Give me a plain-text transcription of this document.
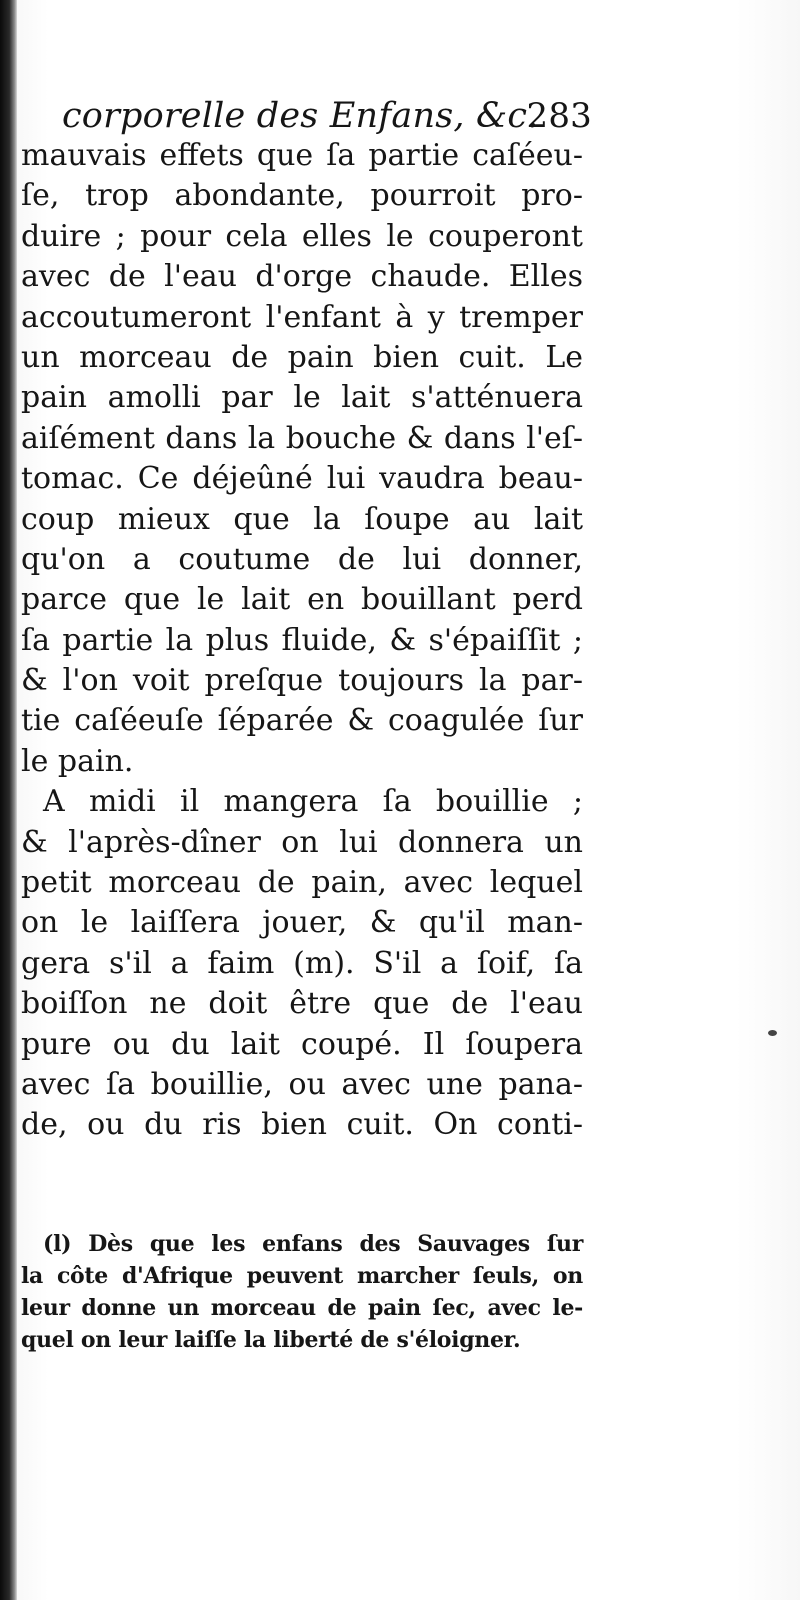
corporelle des Enfans, &c.
283
mauvais effets que ſa partie caſéeu-
ſe, trop abondante, pourroit pro-
duire ; pour cela elles le couperont
avec de l'eau d'orge chaude. Elles
accoutumeront l'enfant à y tremper
un morceau de pain bien cuit. Le
pain amolli par le lait s'atténuera
aiſément dans la bouche & dans l'eſ-
tomac. Ce déjeûné lui vaudra beau-
coup mieux que la ſoupe au lait
qu'on a coutume de lui donner,
parce que le lait en bouillant perd
ſa partie la plus fluide, & s'épaiſſit ;
& l'on voit preſque toujours la par-
tie caſéeuſe ſéparée & coagulée ſur
le pain.
A midi il mangera ſa bouillie ;
& l'après-dîner on lui donnera un
petit morceau de pain, avec lequel
on le laiſſera jouer, & qu'il man-
gera s'il a faim (m). S'il a ſoif, ſa
boiſſon ne doit être que de l'eau
pure ou du lait coupé. Il ſoupera
avec ſa bouillie, ou avec une pana-
de, ou du ris bien cuit. On conti-
(l) Dès que les enfans des Sauvages ſur
la côte d'Afrique peuvent marcher ſeuls, on
leur donne un morceau de pain ſec, avec le-
quel on leur laiſſe la liberté de s'éloigner.
